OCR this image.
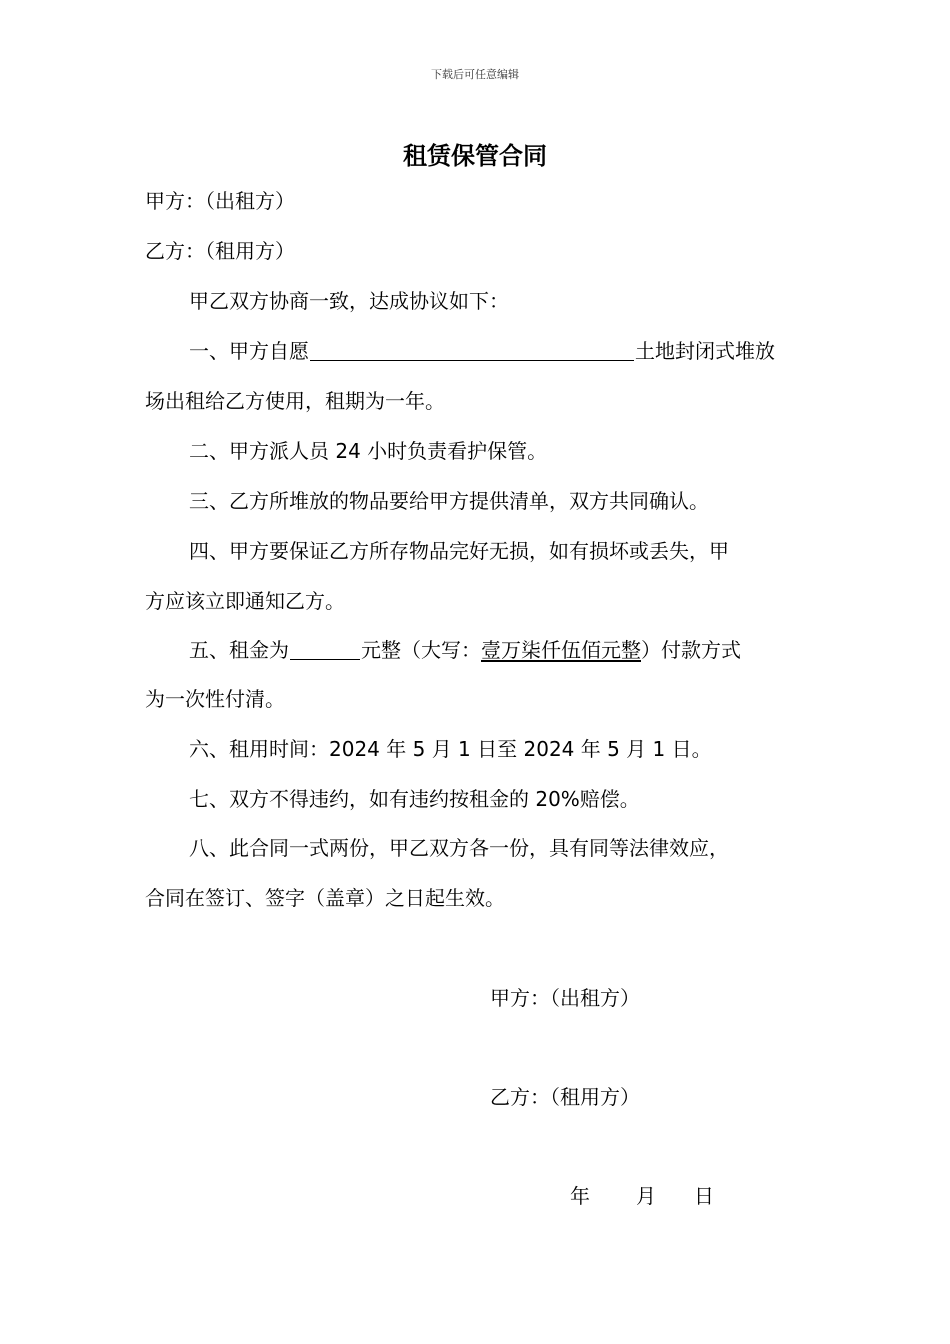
下载后可任意编辑
租赁保管合同
甲方：（出租方）
乙方：（租用方）
甲乙双方协商一致，达成协议如下：
一、甲方自愿	土地封闭式堆放
场出租给乙方使用，租期为一年。
二、甲方派人员 24 小时负责看护保管。
三、乙方所堆放的物品要给甲方提供清单，双方共同确认。
四、甲方要保证乙方所存物品完好无损，如有损坏或丢失，甲
方应该立即通知乙方。
五、租金为	元整（大写：壹万柒仟伍佰元整）付款方式
为一次性付清。
六、租用时间：2024 年 5 月 1 日至 2024 年 5 月 1 日。
七、双方不得违约，如有违约按租金的 20%赔偿。
八、此合同一式两份，甲乙双方各一份，具有同等法律效应，
合同在签订、签字（盖章）之日起生效。
甲方：（出租方）
乙方：（租用方）
年 月 日
